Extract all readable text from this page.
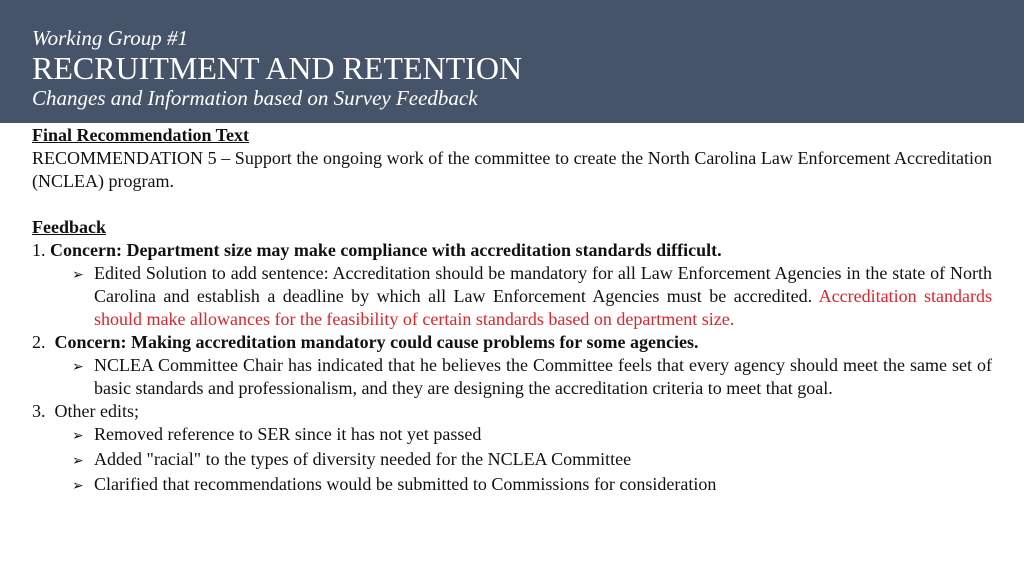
Working Group #1
RECRUITMENT AND RETENTION
Changes and Information based on Survey Feedback
Final Recommendation Text
RECOMMENDATION 5 – Support the ongoing work of the committee to create the North Carolina Law Enforcement Accreditation (NCLEA) program.
Feedback
1. Concern: Department size may make compliance with accreditation standards difficult.
➢ Edited Solution to add sentence: Accreditation should be mandatory for all Law Enforcement Agencies in the state of North Carolina and establish a deadline by which all Law Enforcement Agencies must be accredited. Accreditation standards should make allowances for the feasibility of certain standards based on department size.
2. Concern: Making accreditation mandatory could cause problems for some agencies.
➢ NCLEA Committee Chair has indicated that he believes the Committee feels that every agency should meet the same set of basic standards and professionalism, and they are designing the accreditation criteria to meet that goal.
3. Other edits;
➢ Removed reference to SER since it has not yet passed
➢ Added "racial" to the types of diversity needed for the NCLEA Committee
➢ Clarified that recommendations would be submitted to Commissions for consideration
